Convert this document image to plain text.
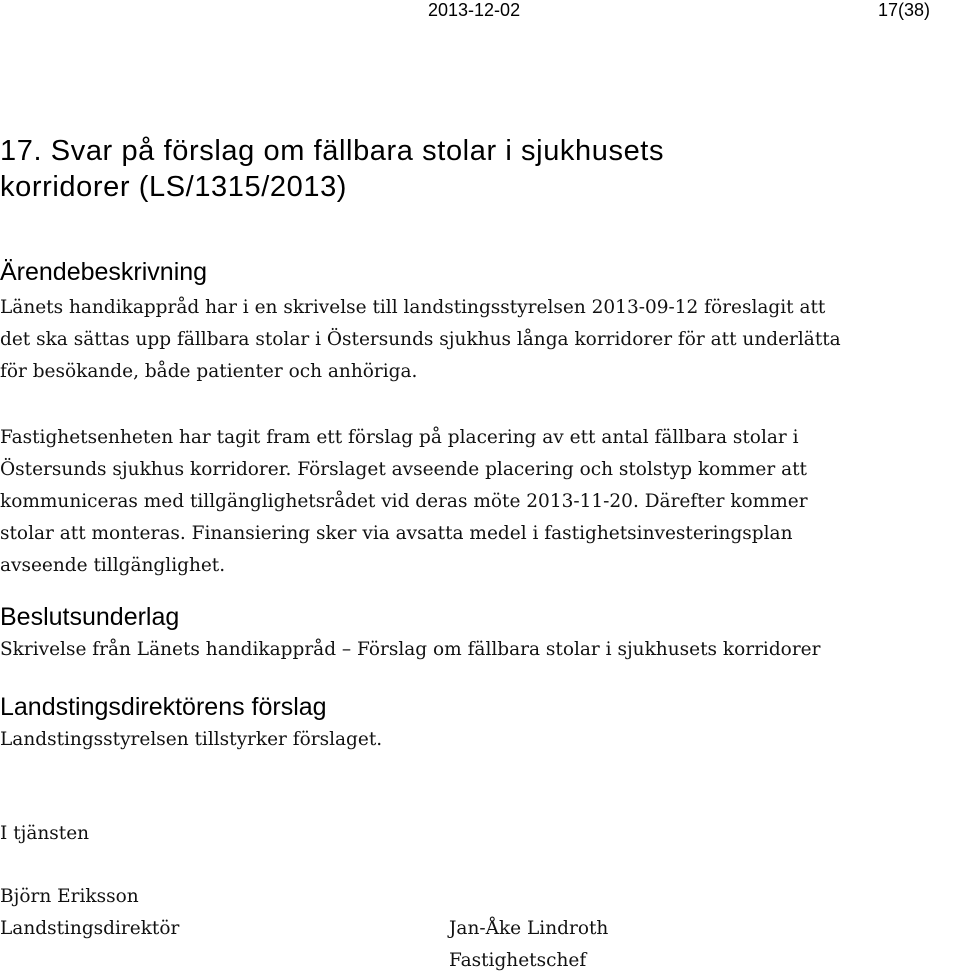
2013-12-02	17(38)
17. Svar på förslag om fällbara stolar i sjukhusets
korridorer (LS/1315/2013)
Ärendebeskrivning
Länets handikappråd har i en skrivelse till landstingsstyrelsen 2013-09-12 föreslagit att
det ska sättas upp fällbara stolar i Östersunds sjukhus långa korridorer för att underlätta
för besökande, både patienter och anhöriga.
Fastighetsenheten har tagit fram ett förslag på placering av ett antal fällbara stolar i
Östersunds sjukhus korridorer. Förslaget avseende placering och stolstyp kommer att
kommuniceras med tillgänglighetsrådet vid deras möte 2013-11-20. Därefter kommer
stolar att monteras. Finansiering sker via avsatta medel i fastighetsinvesteringsplan
avseende tillgänglighet.
Beslutsunderlag
Skrivelse från Länets handikappråd – Förslag om fällbara stolar i sjukhusets korridorer
Landstingsdirektörens förslag
Landstingsstyrelsen tillstyrker förslaget.
I tjänsten
Björn Eriksson
Landstingsdirektör	Jan-Åke Lindroth
Fastighetschef
